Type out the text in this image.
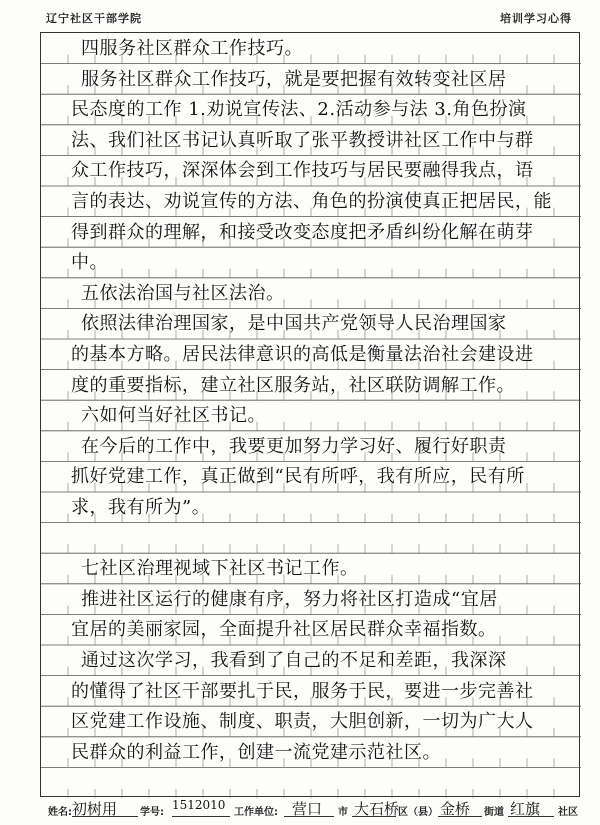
辽宁社区干部学院	培训学习心得
四服务社区群众工作技巧。
服务社区群众工作技巧，就是要把握有效转变社区居
民态度的工作 1.劝说宣传法、2.活动参与法 3.角色扮演
法、我们社区书记认真听取了张平教授讲社区工作中与群
众工作技巧，深深体会到工作技巧与居民要融得我点，语
言的表达、劝说宣传的方法、角色的扮演使真正把居民，能
得到群众的理解，和接受改变态度把矛盾纠纷化解在萌芽
中。
五依法治国与社区法治。
依照法律治理国家，是中国共产党领导人民治理国家
的基本方略。居民法律意识的高低是衡量法治社会建设进
度的重要指标，建立社区服务站，社区联防调解工作。
六如何当好社区书记。
在今后的工作中，我要更加努力学习好、履行好职责
抓好党建工作，真正做到“民有所呼，我有所应，民有所
求，我有所为”。
七社区治理视域下社区书记工作。
推进社区运行的健康有序，努力将社区打造成“宜居
宜居的美丽家园，全面提升社区居民群众幸福指数。
通过这次学习，我看到了自己的不足和差距，我深深
的懂得了社区干部要扎于民，服务于民，要进一步完善社
区党建工作设施、制度、职责，大胆创新，一切为广大人
民群众的利益工作，创建一流党建示范社区。
姓名: 初树用 学号:
1512010
工作单位: 营口 市 大石桥
区（县） 金桥 街道 红旗 社区
